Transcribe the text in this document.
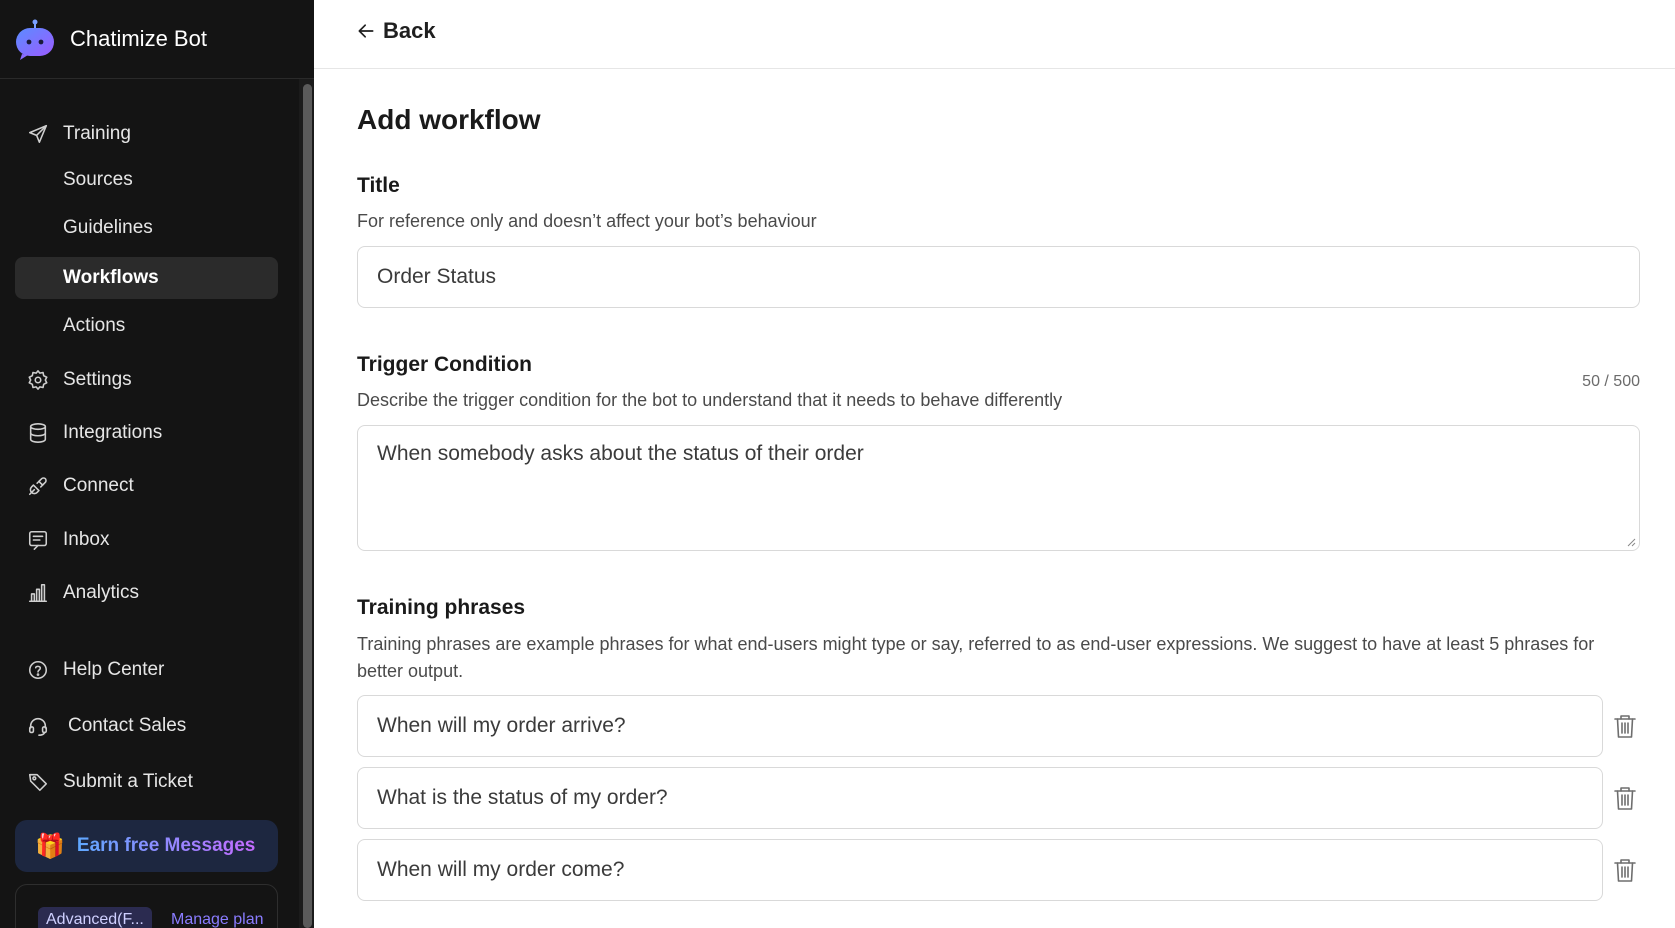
Chatimize Bot
Training
Sources
Guidelines
Workflows
Actions
Settings
Integrations
Connect
Inbox
Analytics
Help Center
Contact Sales
Submit a Ticket
🎁 Earn free Messages
Advanced(F...	Manage plan
Back
Add workflow
Title
For reference only and doesn’t affect your bot’s behaviour
Order Status
Trigger Condition
50 / 500
Describe the trigger condition for the bot to understand that it needs to behave differently
When somebody asks about the status of their order
Training phrases
Training phrases are example phrases for what end-users might type or say, referred to as end-user expressions. We suggest to have at least 5 phrases for better output.
When will my order arrive?
What is the status of my order?
When will my order come?
